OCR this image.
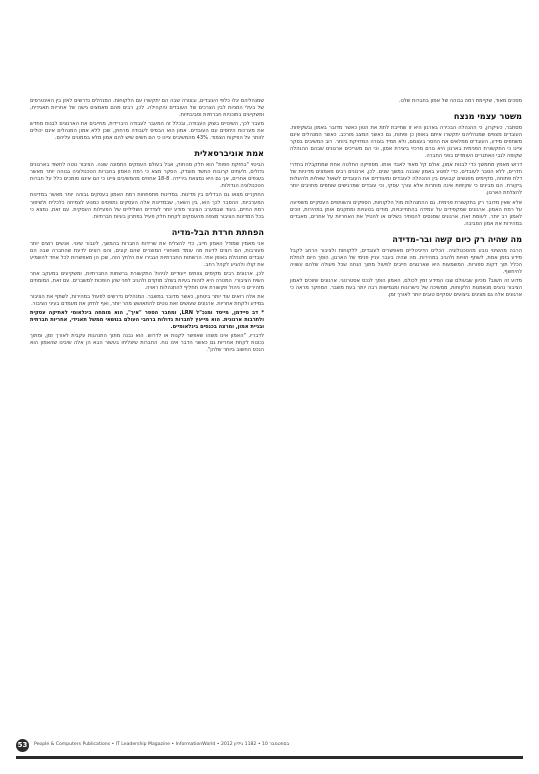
מסכים מאוד, שקיימת רמה גבוהה של אמון בחברות שלנו.

משטר עצמי מנצח

מסתבר, כעיקרון, כי ההנהלה הבכירה בארגון היא זו שחייבת לתת את הטון כאשר מדובר באמון ובשקיפות. העובדים מצפים שמנהליהם יתקשרו איתם באופן כן ופתוח, גם כאשר המצב מורכב. כאשר המנהלים אינם משתפים מידע, העובדים ממלאים את החסר בעצמם, ולא תמיד בצורה המדויקת ביותר. רוב המשיבים בסקר ציינו כי התקשורת הפנימית בארגון היא גורם מרכזי ביצירת אמון, וכי הם מעריכים ארגונים שבהם ההנהלה שקופה לגבי האתגרים העומדים בפני החברה.

דרוש מאמץ מתמשך כדי לבנות אמון, אולם קל מאוד לאבד אותו. מספיקה החלטה אחת שמתקבלת בחדרי חדרים, ללא הסבר לעובדים, כדי לפגוע באמון שנבנה במשך שנים. לכן, ארגונים רבים מאמצים מדיניות של דלת פתוחה, מקיימים מפגשים קבועים בין ההנהלה לעובדים ומעודדים את העובדים לשאול שאלות ולהעלות ביקורת. הם מבינים כי שקיפות אינה מותרות אלא צורך עסקי, וכי עובדים שמרגישים שותפים מחויבים יותר להצלחת הארגון.

אלא שאין מדובר רק בתקשורת פנימית. גם ההתנהלות מול הלקוחות, הספקים והשותפים העסקיים משפיעה על רמת האמון. ארגונים שמקפידים על עמידה בהתחייבויות, מודים בטעויות ומתקנים אותן במהירות, זוכים לאמון רב יותר. לעומת זאת, ארגונים שמנסים להסתיר כשלים או להטיל את האחריות על אחרים, מאבדים במהירות את אמון הסביבה.

מה שהיה רק כיום קשה ובר-מדידה

הרבה מהשינוי נובע מהטכנולוגיה. הכלים הדיגיטליים מאפשרים לעובדים, ללקוחות ולציבור הרחב לקבל מידע בזמן אמת, לשתף חוויות ולהגיב במהירות. מה שהיה בעבר עניין פנימי של הארגון, הופך היום לנחלת הכלל תוך דקות ספורות. המשמעות היא שארגונים חייבים לפעול מתוך הנחה שכל פעולה שלהם עשויה להיחשף.

מדוע זה חשוב? מכיוון שבעולם שבו המידע זמין לכולם, האמון הופך לנכס אסטרטגי. ארגונים שזוכים לאמון הציבור נהנים מנאמנות הלקוחות, ממשיכה של כישרונות ומגמישות רבה יותר בעת משבר. המחקר מראה כי ארגונים אלה גם מציגים ביצועים עסקיים טובים יותר לאורך זמן.

שמנהליהם יגלו כלפי העובדים, ובצורה שבה הם יתקשרו עם הלקוחות. המנהלים נדרשים לאזן בין האינטרסים של בעלי המניות לבין הצרכים של העובדים והקהילה. לכן, רבים מהם מאמצים גישה של אחריות תאגידית, ומשקיעים בתוכניות חברתיות וסביבתיות.

מעבר לכך, השינויים בשוק העבודה, ובכלל זה המעבר לעבודה היברידית, מחייבים את הארגונים לבנות מחדש את מערכות היחסים עם העובדים. אמון הוא הבסיס לעבודה מרחוק, שכן ללא אמון המנהלים אינם יכולים לוותר על הפיקוח הצמוד. 43% מהמשיבים ציינו כי הם חשים שיש להם אמון מלא בממונים עליהם.

אמת אוניברסאלית

הביטוי "בחזקת חפות" הוא חלק מהחוק, אבל בעולם העסקים התמונה שונה. הציבור נוטה לחשוד בארגונים גדולים, ולעתים קרובות החשד מוצדק. הסקר מצא כי רמת האמון בחברות הטכנולוגיה גבוהה יותר מאשר בענפים אחרים, אך גם היא נמצאת בירידה. 18-8 אחוזים מהמשיבים ציינו כי הם אינם סומכים כלל על חברות הטכנולוגיה הגדולות.

החוקרים מצאו גם הבדלים בין מדינות. במדינות מתפתחות רמת האמון בעסקים גבוהה יותר מאשר במדינות המערביות. ההסבר לכך הוא, בין השאר, שבמדינות אלה העסקים נתפסים כמנוע לצמיחה כלכלית ולשיפור רמת החיים, בעוד שבמערב הציבור מודע יותר לצדדים השליליים של הפעילות העסקית. עם זאת, נמצא כי בכל המדינות הציבור מצפה מהעסקים לקחת חלק פעיל בפתרון בעיות חברתיות.

הפחתת חרדת הבל-מדיה

אני מאמין שמודל האמון חייב, כדי להצליח את שרידות החברות בהמשך, לעבור שינוי. אנשים רוצים יותר מעורבות, הם רוצים לדעת מה עומד מאחורי המוצרים שהם קונים, והם רוצים לדעת שהחברה שבה הם עובדים מתנהלת באופן אתי. הרשתות החברתיות הגבירו את הלחץ הזה, שכן הן מאפשרות לכל אחד להשמיע את קולו ולהגיע לקהל רחב.

לכן, ארגונים רבים מקימים צוותים ייעודיים לניהול התקשורת ברשתות החברתיות, ומשקיעים במעקב אחר השיח הציבורי. המטרה היא לזהות בעיות בשלב מוקדם ולהגיב לפני שהן הופכות למשברים. עם זאת, המומחים מזהירים כי ניהול תקשורת אינו תחליף להתנהלות ראויה.

את אלה רואים עוד יותר ביטחון, כאשר מדובר במשבר. המנהלים נדרשים לפעול במהירות, לשתף את הציבור במידע ולקחת אחריות. ארגונים שעושים זאת נוטים להתאושש מהר יותר, ואף לחזק את מעמדם בעיני הציבור.

* דב סיידמן, מייסד ומנכ"ל LRN, ומחבר הספר "איך", הוא מומחה בינלאומי לאתיקה עסקית ולתרבות ארגונית. הוא מייעץ לחברות גדולות ברחבי העולם בנושאי ממשל תאגידי, אחריות חברתית ובניית אמון, ומרצה בכנסים בינלאומיים.

לדבריו, "האמון אינו משהו שאפשר לקנות או לדרוש. הוא נבנה מתוך התנהגות עקבית לאורך זמן, ומתוך נכונות לקחת אחריות גם כאשר הדבר אינו נוח. החברות שיצליחו בעשור הבא הן אלה שיבינו שהאמון הוא הנכס החשוב ביותר שלהן".

53	People & Computers Publications • IT Leadership Magazine • InformationWorld • 2012 בספטמבר 10 • 1182 גיליון
